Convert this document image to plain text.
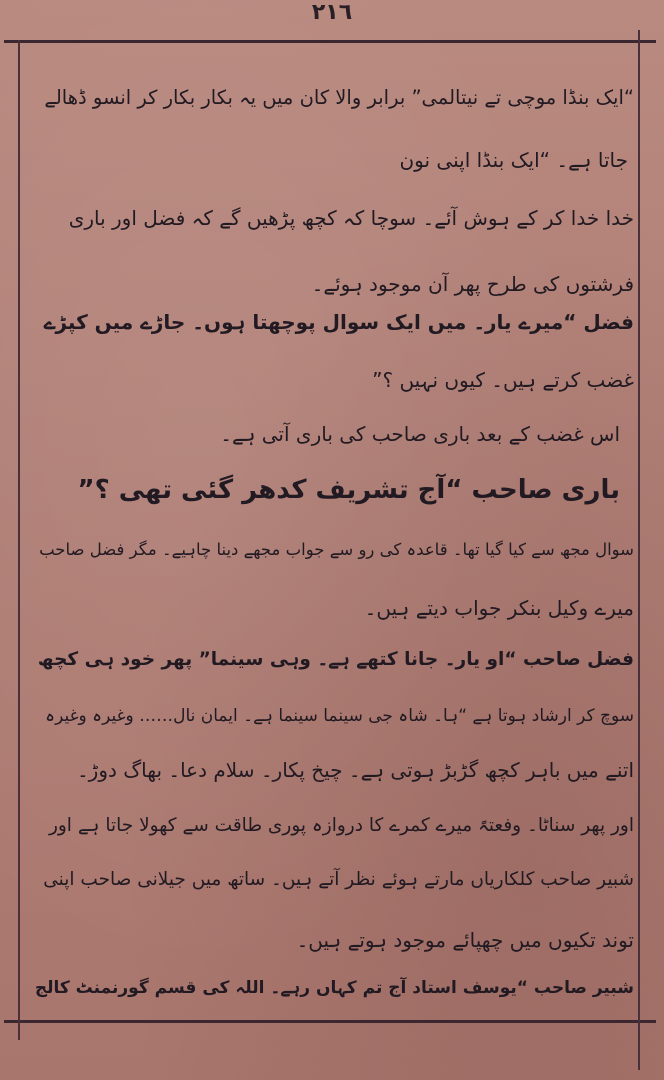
٢١٦
“ایک بنڈا موچی تے نیتالمی” برابر والا کان میں یہ بکار بکار کر انسو ڈھالے
جاتا ہے۔ “ایک بنڈا اپنی نون
خدا خدا کر کے ہوش آئے۔ سوچا کہ کچھ پڑھیں گے کہ فضل اور باری
فرشتوں کی طرح پھر آن موجود ہوئے۔
فضل “میرے یار۔ میں ایک سوال پوچھتا ہوں۔ جاڑے میں کپڑے
غضب کرتے ہیں۔ کیوں نہیں ؟”
اس غضب کے بعد باری صاحب کی باری آتی ہے۔
باری صاحب “آج تشریف کدھر گئی تھی ؟”
سوال مجھ سے کیا گیا تھا۔ قاعدہ کی رو سے جواب مجھے دینا چاہیے۔ مگر فضل صاحب
میرے وکیل بنکر جواب دیتے ہیں۔
فضل صاحب “او یار۔ جانا کتھے ہے۔ وہی سینما” پھر خود ہی کچھ
سوچ کر ارشاد ہوتا ہے “ہا۔ شاہ جی سینما سینما ہے۔ ایمان نال…… وغیرہ وغیرہ
اتنے میں باہر کچھ گڑبڑ ہوتی ہے۔ چیخ پکار۔ سلام دعا۔ بھاگ دوڑ۔
اور پھر سناٹا۔ وفعتہً میرے کمرے کا دروازہ پوری طاقت سے کھولا جاتا ہے اور
شبیر صاحب کلکاریاں مارتے ہوئے نظر آتے ہیں۔ ساتھ میں جیلانی صاحب اپنی
توند تکیوں میں چھپائے موجود ہوتے ہیں۔
شبیر صاحب “یوسف استاد آج تم کہاں رہے۔ اللہ کی قسم گورنمنٹ کالج
